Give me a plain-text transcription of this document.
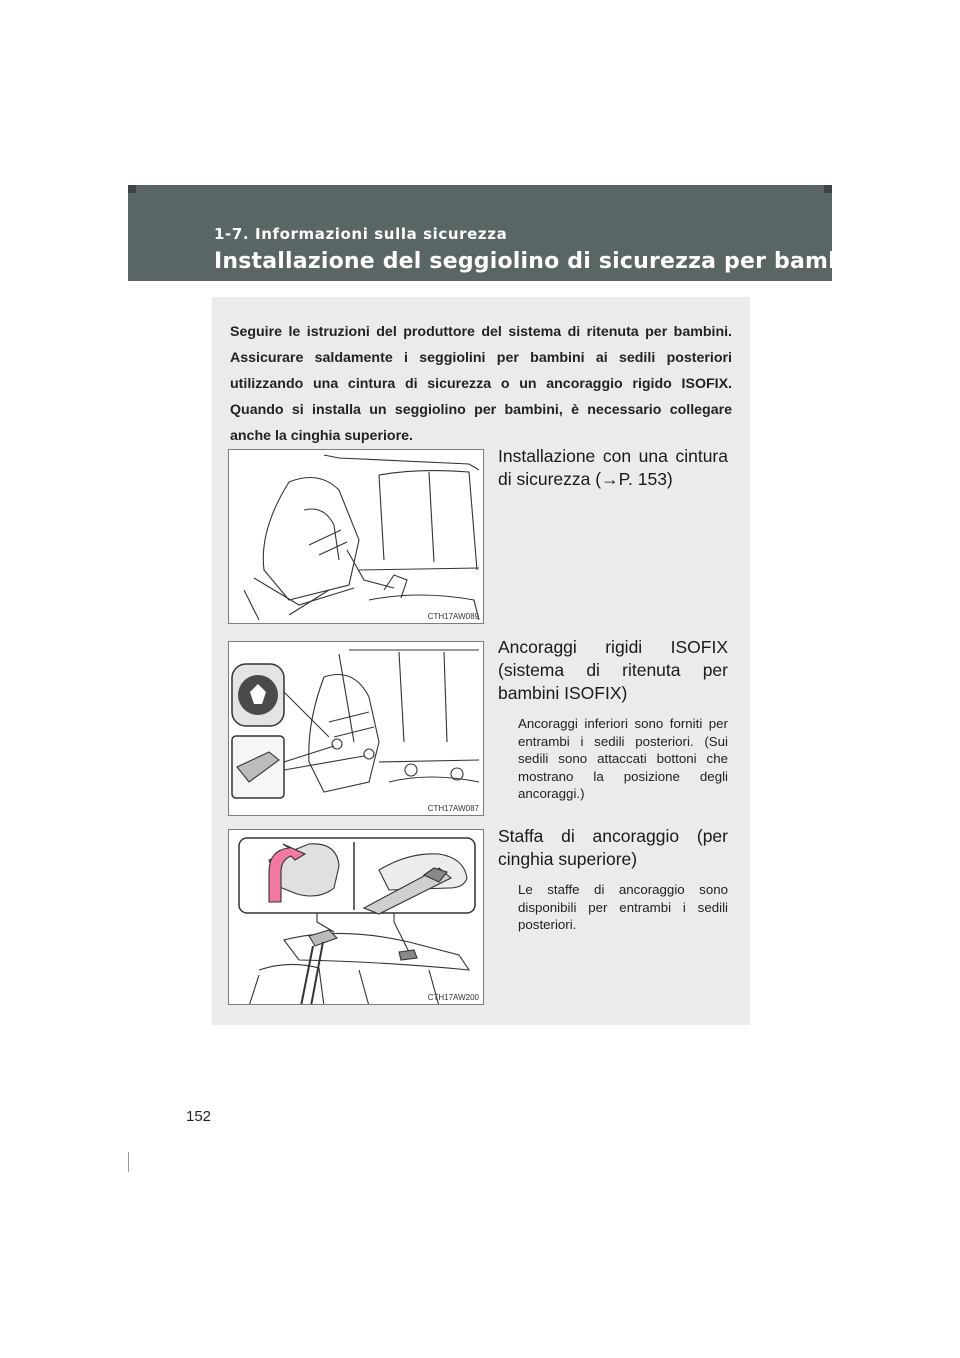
1-7. Informazioni sulla sicurezza
Installazione del seggiolino di sicurezza per bambini
Seguire le istruzioni del produttore del sistema di ritenuta per bambini. Assicurare saldamente i seggiolini per bambini ai sedili posteriori utilizzando una cintura di sicurezza o un ancoraggio rigido ISOFIX. Quando si installa un seggiolino per bambini, è necessario collegare anche la cinghia superiore.
CTH17AW089
Installazione con una cintura di sicurezza (→P. 153)
CTH17AW087
Ancoraggi rigidi ISOFIX (sistema di ritenuta per bambini ISOFIX)

Ancoraggi inferiori sono forniti per entrambi i sedili posteriori. (Sui sedili sono attaccati bottoni che mostrano la posizione degli ancoraggi.)

CTH17AW200
Staffa di ancoraggio (per cinghia superiore)

Le staffe di ancoraggio sono disponibili per entrambi i sedili posteriori.

152
